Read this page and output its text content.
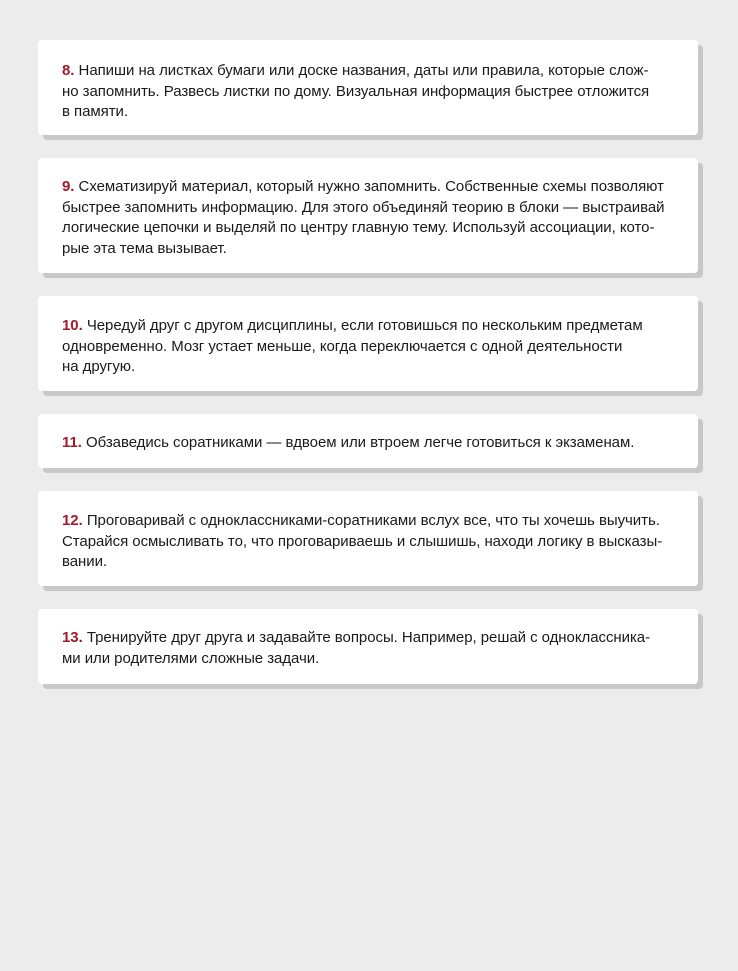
8. Напиши на листках бумаги или доске названия, даты или правила, которые слож-
но запомнить. Развесь листки по дому. Визуальная информация быстрее отложится
в памяти.

9. Схематизируй материал, который нужно запомнить. Собственные схемы позволяют
быстрее запомнить информацию. Для этого объединяй теорию в блоки — выстраивай
логические цепочки и выделяй по центру главную тему. Используй ассоциации, кото-
рые эта тема вызывает.

10. Чередуй друг с другом дисциплины, если готовишься по нескольким предметам
одновременно. Мозг устает меньше, когда переключается с одной деятельности
на другую.

11. Обзаведись соратниками — вдвоем или втроем легче готовиться к экзаменам.

12. Проговаривай с одноклассниками-соратниками вслух все, что ты хочешь выучить.
Старайся осмысливать то, что проговариваешь и слышишь, находи логику в высказы-
вании.

13. Тренируйте друг друга и задавайте вопросы. Например, решай с одноклассника-
ми или родителями сложные задачи.
